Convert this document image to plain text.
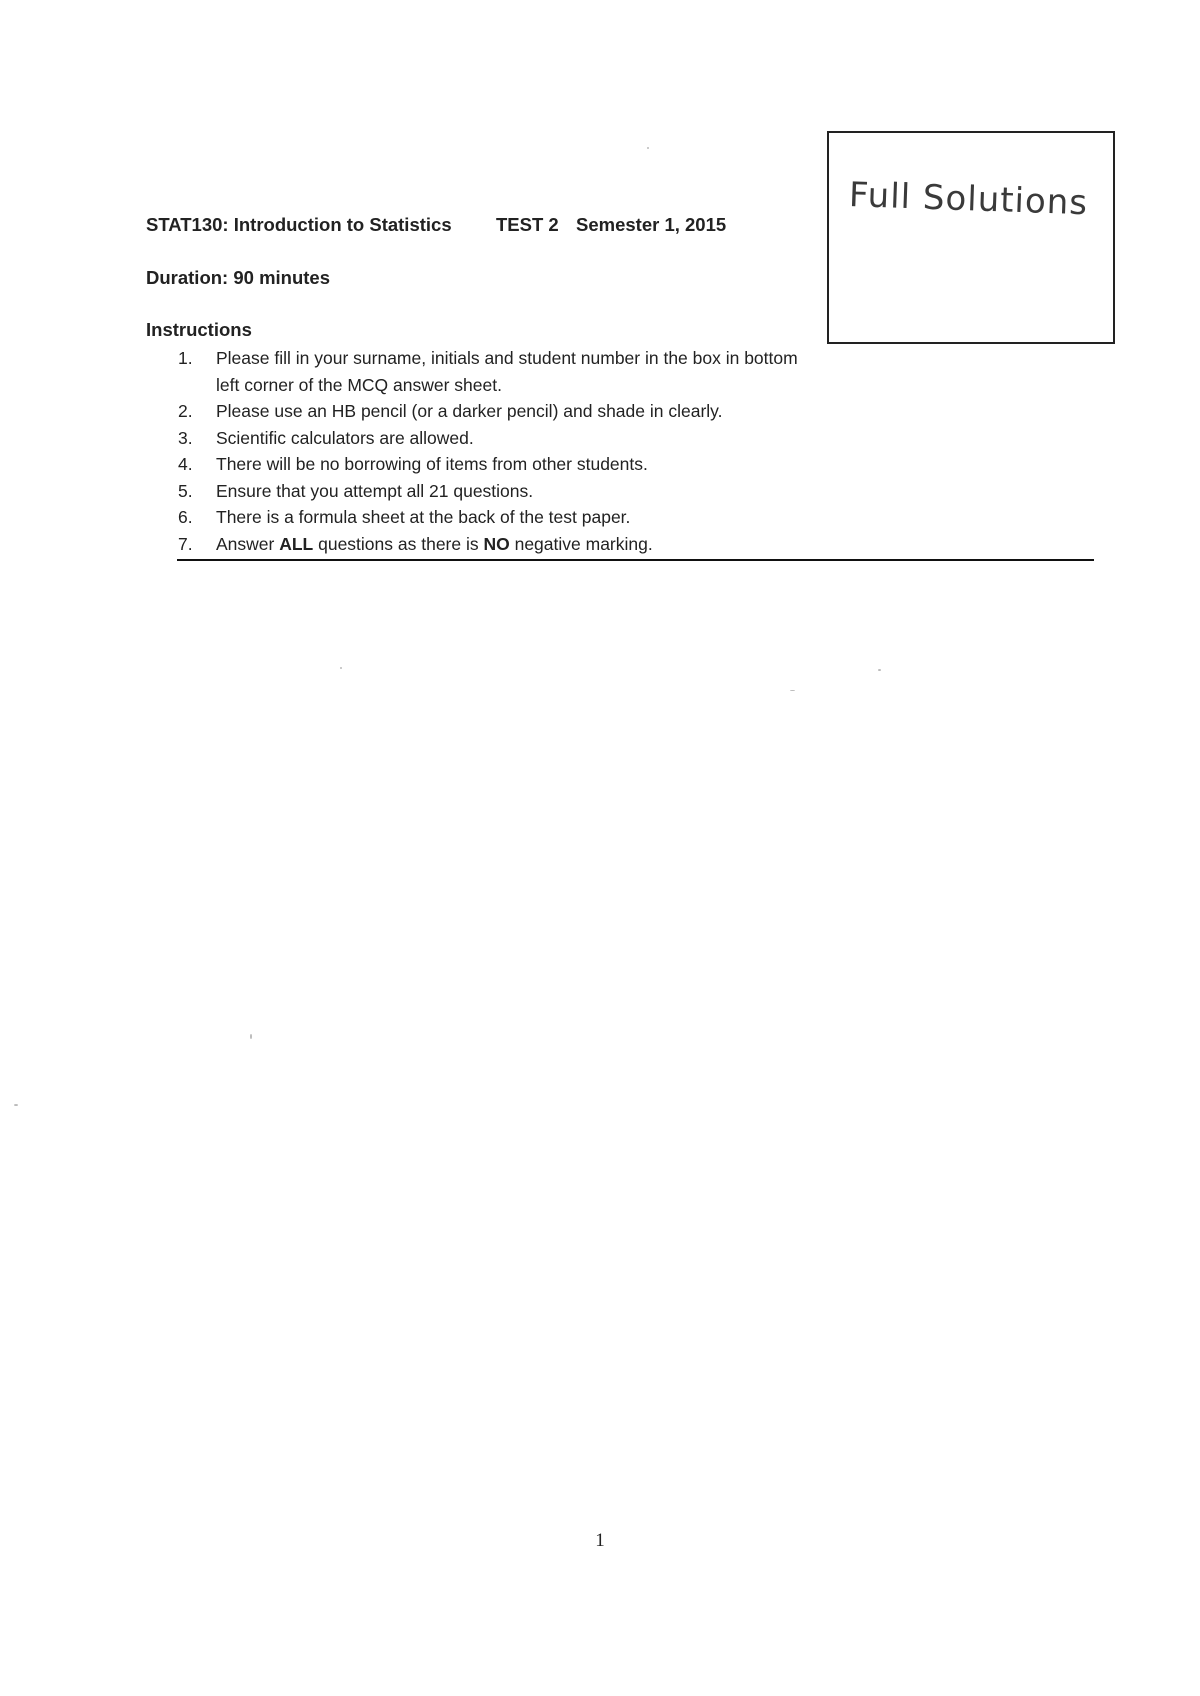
STAT130: Introduction to Statistics TEST 2 Semester 1, 2015
Duration: 90 minutes
Instructions
1.	Please fill in your surname, initials and student number in the box in bottom left corner of the MCQ answer sheet.
2.	Please use an HB pencil (or a darker pencil) and shade in clearly.
3.	Scientific calculators are allowed.
4.	There will be no borrowing of items from other students.
5.	Ensure that you attempt all 21 questions.
6.	There is a formula sheet at the back of the test paper.
7.	Answer ALL questions as there is NO negative marking.
Full Solutions
1
